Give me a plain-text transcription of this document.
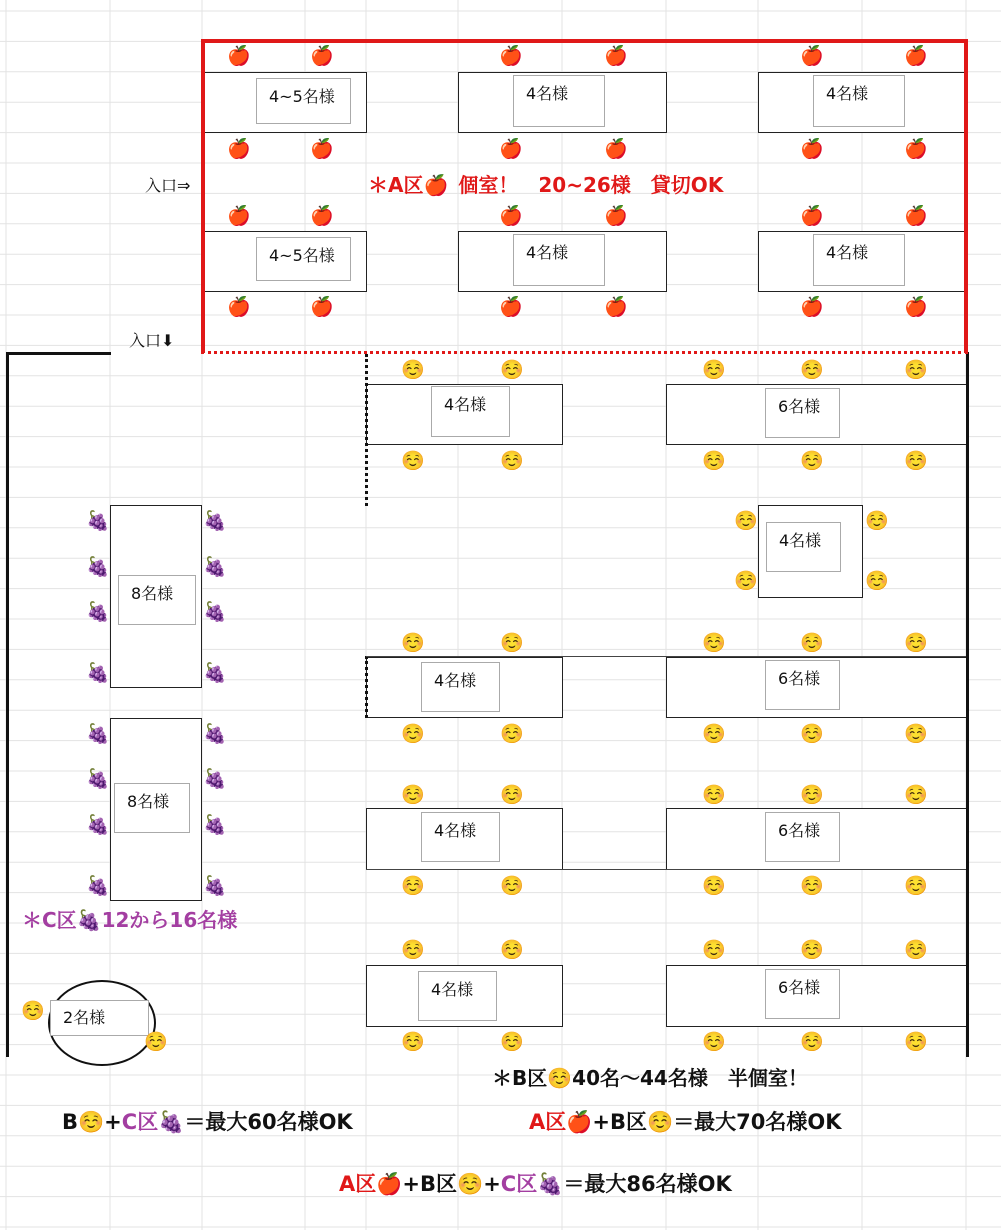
4~5名様	4名様	4名様
4~5名様	4名様	4名様
4名様	6名様
4名様
4名様	6名様
4名様	6名様
4名様	6名様
8名様
8名様
2名様
🍎	🍎	🍎	🍎	🍎	🍎
🍎	🍎	🍎	🍎	🍎	🍎
🍎	🍎	🍎	🍎	🍎	🍎
🍎	🍎	🍎	🍎	🍎	🍎
☺️	☺️	☺️	☺️	☺️
☺️	☺️	☺️	☺️	☺️
☺️	☺️	☺️	☺️	☺️
☺️	☺️	☺️	☺️	☺️
☺️	☺️	☺️	☺️	☺️
☺️	☺️	☺️	☺️	☺️
☺️	☺️	☺️	☺️	☺️
☺️	☺️	☺️	☺️	☺️
☺️	☺️
☺️	☺️
☺️
☺️
🍇	🍇
🍇	🍇
🍇	🍇
🍇	🍇
🍇	🍇
🍇	🍇
🍇	🍇
🍇	🍇
入口⇒
入口⬇
＊A区🍎 個室！　20~26様　貸切OK
＊B区☺️40名～44名様　半個室！
＊C区🍇12から16名様
B☺️+C区🍇＝最大60名様OK	A区🍎+B区☺️＝最大70名様OK
A区🍎+B区☺️+C区🍇＝最大86名様OK
